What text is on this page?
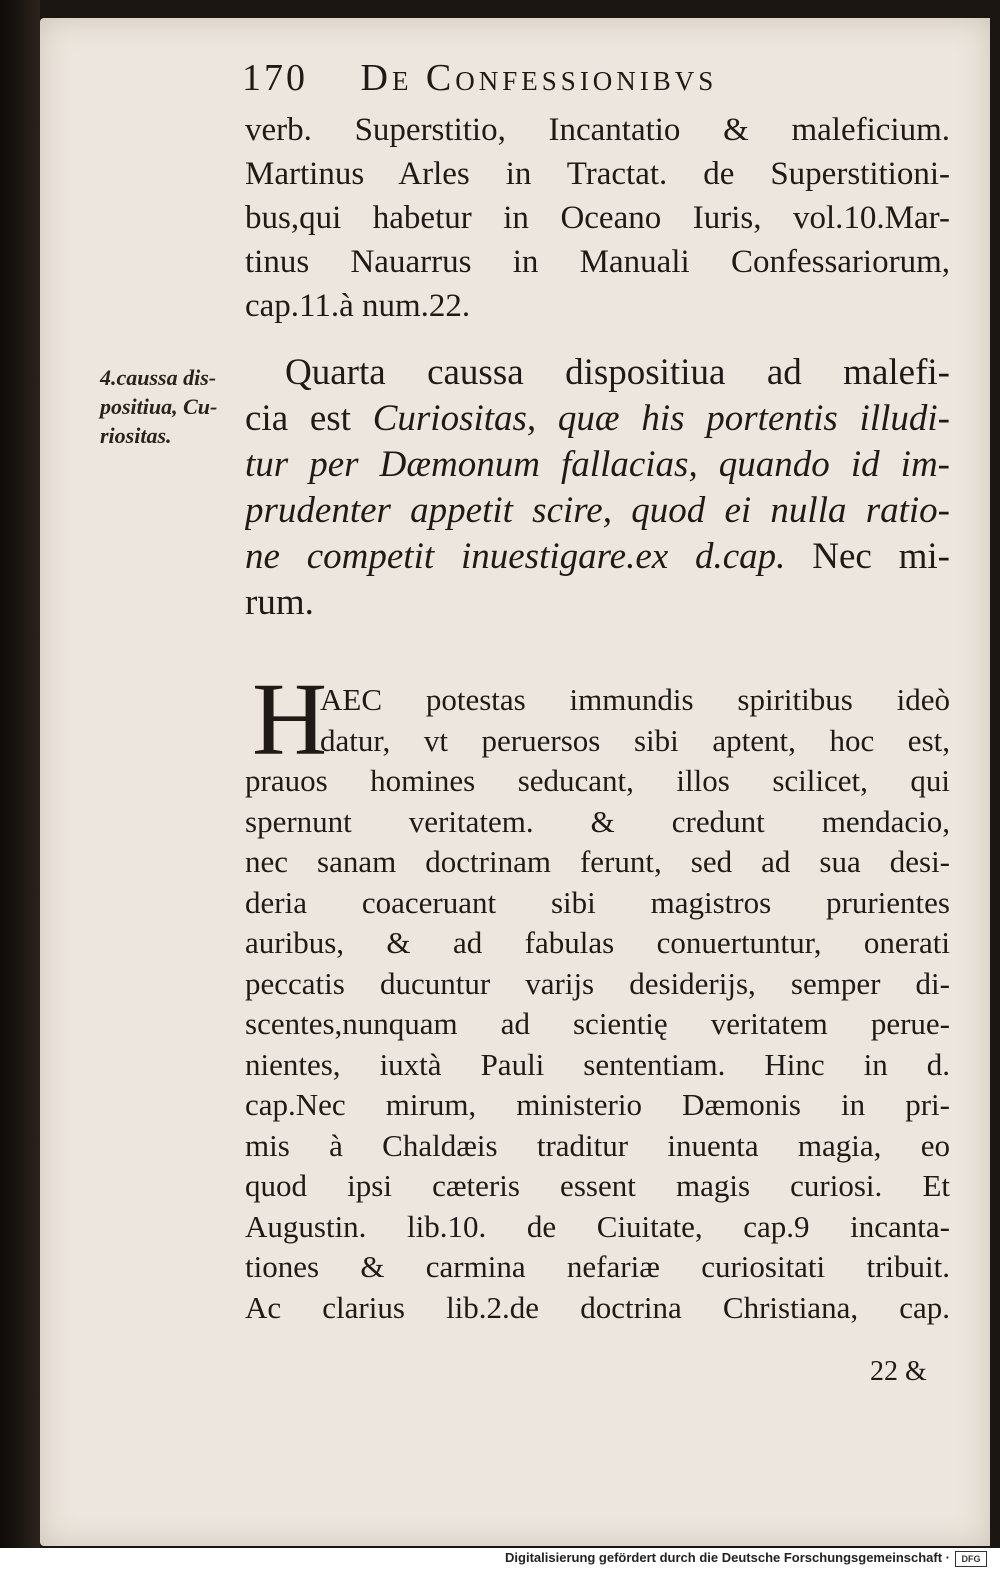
170 De Confessionibvs
verb. Superstitio, Incantatio & maleficium.
Martinus Arles in Tractat. de Superstitioni-
bus,qui habetur in Oceano Iuris, vol.10.Mar-
tinus Nauarrus in Manuali Confessariorum,
cap.11.à num.22.
4.caussa dis-
positiua, Cu-
riositas.
Quarta caussa dispositiua ad malefi-
cia est Curiositas, quæ his portentis illudi-
tur per Dæmonum fallacias, quando id im-
prudenter appetit scire, quod ei nulla ratio-
ne competit inuestigare.ex d.cap. Nec mi-
rum.
H
AEC potestas immundis spiritibus ideò
datur, vt peruersos sibi aptent, hoc est,
prauos homines seducant, illos scilicet, qui
spernunt veritatem. & credunt mendacio,
nec sanam doctrinam ferunt, sed ad sua desi-
deria coaceruant sibi magistros prurientes
auribus, & ad fabulas conuertuntur, onerati
peccatis ducuntur varijs desiderijs, semper di-
scentes,nunquam ad scientię veritatem perue-
nientes, iuxtà Pauli sententiam. Hinc in d.
cap.Nec mirum, ministerio Dæmonis in pri-
mis à Chaldæis traditur inuenta magia, eo
quod ipsi cæteris essent magis curiosi. Et
Augustin. lib.10. de Ciuitate, cap.9 incanta-
tiones & carmina nefariæ curiositati tribuit.
Ac clarius lib.2.de doctrina Christiana, cap.
22 &
Digitalisierung gefördert durch die Deutsche Forschungsgemeinschaft ·	DFG
